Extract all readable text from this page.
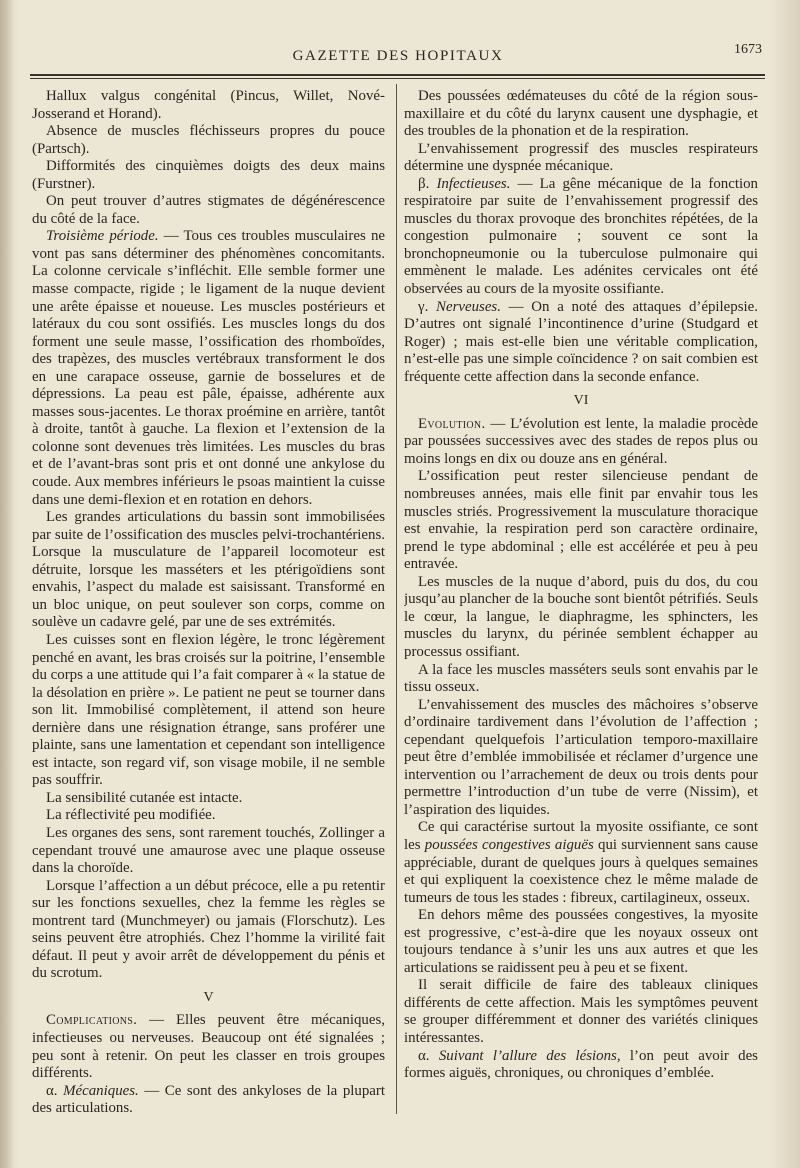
GAZETTE DES HOPITAUX	1673

Hallux valgus congénital (Pincus, Willet, Nové-Josserand et Horand).

Absence de muscles fléchisseurs propres du pouce (Partsch).

Difformités des cinquièmes doigts des deux mains (Furstner).

On peut trouver d’autres stigmates de dégénérescence du côté de la face.

Troisième période. — Tous ces troubles musculaires ne vont pas sans déterminer des phénomènes concomitants. La colonne cervicale s’infléchit. Elle semble former une masse compacte, rigide ; le ligament de la nuque devient une arête épaisse et noueuse. Les muscles postérieurs et latéraux du cou sont ossifiés. Les muscles longs du dos forment une seule masse, l’ossification des rhomboïdes, des trapèzes, des muscles vertébraux transforment le dos en une carapace osseuse, garnie de bosselures et de dépressions. La peau est pâle, épaisse, adhérente aux masses sous-jacentes. Le thorax proémine en arrière, tantôt à droite, tantôt à gauche. La flexion et l’extension de la colonne sont devenues très limitées. Les muscles du bras et de l’avant-bras sont pris et ont donné une ankylose du coude. Aux membres inférieurs le psoas maintient la cuisse dans une demi-flexion et en rotation en dehors.

Les grandes articulations du bassin sont immobilisées par suite de l’ossification des muscles pelvi-trochantériens. Lorsque la musculature de l’appareil locomoteur est détruite, lorsque les masséters et les ptérigoïdiens sont envahis, l’aspect du malade est saisissant. Transformé en un bloc unique, on peut soulever son corps, comme on soulève un cadavre gelé, par une de ses extrémités.

Les cuisses sont en flexion légère, le tronc légèrement penché en avant, les bras croisés sur la poitrine, l’ensemble du corps a une attitude qui l’a fait comparer à « la statue de la désolation en prière ». Le patient ne peut se tourner dans son lit. Immobilisé complètement, il attend son heure dernière dans une résignation étrange, sans proférer une plainte, sans une lamentation et cependant son intelligence est intacte, son regard vif, son visage mobile, il ne semble pas souffrir.

La sensibilité cutanée est intacte.

La réflectivité peu modifiée.

Les organes des sens, sont rarement touchés, Zollinger a cependant trouvé une amaurose avec une plaque osseuse dans la choroïde.

Lorsque l’affection a un début précoce, elle a pu retentir sur les fonctions sexuelles, chez la femme les règles se montrent tard (Munchmeyer) ou jamais (Florschutz). Les seins peuvent être atrophiés. Chez l’homme la virilité fait défaut. Il peut y avoir arrêt de développement du pénis et du scrotum.

V

Complications. — Elles peuvent être mécaniques, infectieuses ou nerveuses. Beaucoup ont été signalées ; peu sont à retenir. On peut les classer en trois groupes différents.

α. Mécaniques. — Ce sont des ankyloses de la plupart des articulations.

Des poussées œdémateuses du côté de la région sous-maxillaire et du côté du larynx causent une dysphagie, et des troubles de la phonation et de la respiration.

L’envahissement progressif des muscles respirateurs détermine une dyspnée mécanique.

β. Infectieuses. — La gêne mécanique de la fonction respiratoire par suite de l’envahissement progressif des muscles du thorax provoque des bronchites répétées, de la congestion pulmonaire ; souvent ce sont la bronchopneumonie ou la tuberculose pulmonaire qui emmènent le malade. Les adénites cervicales ont été observées au cours de la myosite ossifiante.

γ. Nerveuses. — On a noté des attaques d’épilepsie. D’autres ont signalé l’incontinence d’urine (Studgard et Roger) ; mais est-elle bien une véritable complication, n’est-elle pas une simple coïncidence ? on sait combien est fréquente cette affection dans la seconde enfance.

VI

Evolution. — L’évolution est lente, la maladie procède par poussées successives avec des stades de repos plus ou moins longs en dix ou douze ans en général.

L’ossification peut rester silencieuse pendant de nombreuses années, mais elle finit par envahir tous les muscles striés. Progressivement la musculature thoracique est envahie, la respiration perd son caractère ordinaire, prend le type abdominal ; elle est accélérée et peu à peu entravée.

Les muscles de la nuque d’abord, puis du dos, du cou jusqu’au plancher de la bouche sont bientôt pétrifiés. Seuls le cœur, la langue, le diaphragme, les sphincters, les muscles du larynx, du périnée semblent échapper au processus ossifiant.

A la face les muscles masséters seuls sont envahis par le tissu osseux.

L’envahissement des muscles des mâchoires s’observe d’ordinaire tardivement dans l’évolution de l’affection ; cependant quelquefois l’articulation temporo-maxillaire peut être d’emblée immobilisée et réclamer d’urgence une intervention ou l’arrachement de deux ou trois dents pour permettre l’introduction d’un tube de verre (Nissim), et l’aspiration des liquides.

Ce qui caractérise surtout la myosite ossifiante, ce sont les poussées congestives aiguës qui surviennent sans cause appréciable, durant de quelques jours à quelques semaines et qui expliquent la coexistence chez le même malade de tumeurs de tous les stades : fibreux, cartilagineux, osseux.

En dehors même des poussées congestives, la myosite est progressive, c’est-à-dire que les noyaux osseux ont toujours tendance à s’unir les uns aux autres et que les articulations se raidissent peu à peu et se fixent.

Il serait difficile de faire des tableaux cliniques différents de cette affection. Mais les symptômes peuvent se grouper différemment et donner des variétés cliniques intéressantes.

α. Suivant l’allure des lésions, l’on peut avoir des formes aiguës, chroniques, ou chroniques d’emblée.
